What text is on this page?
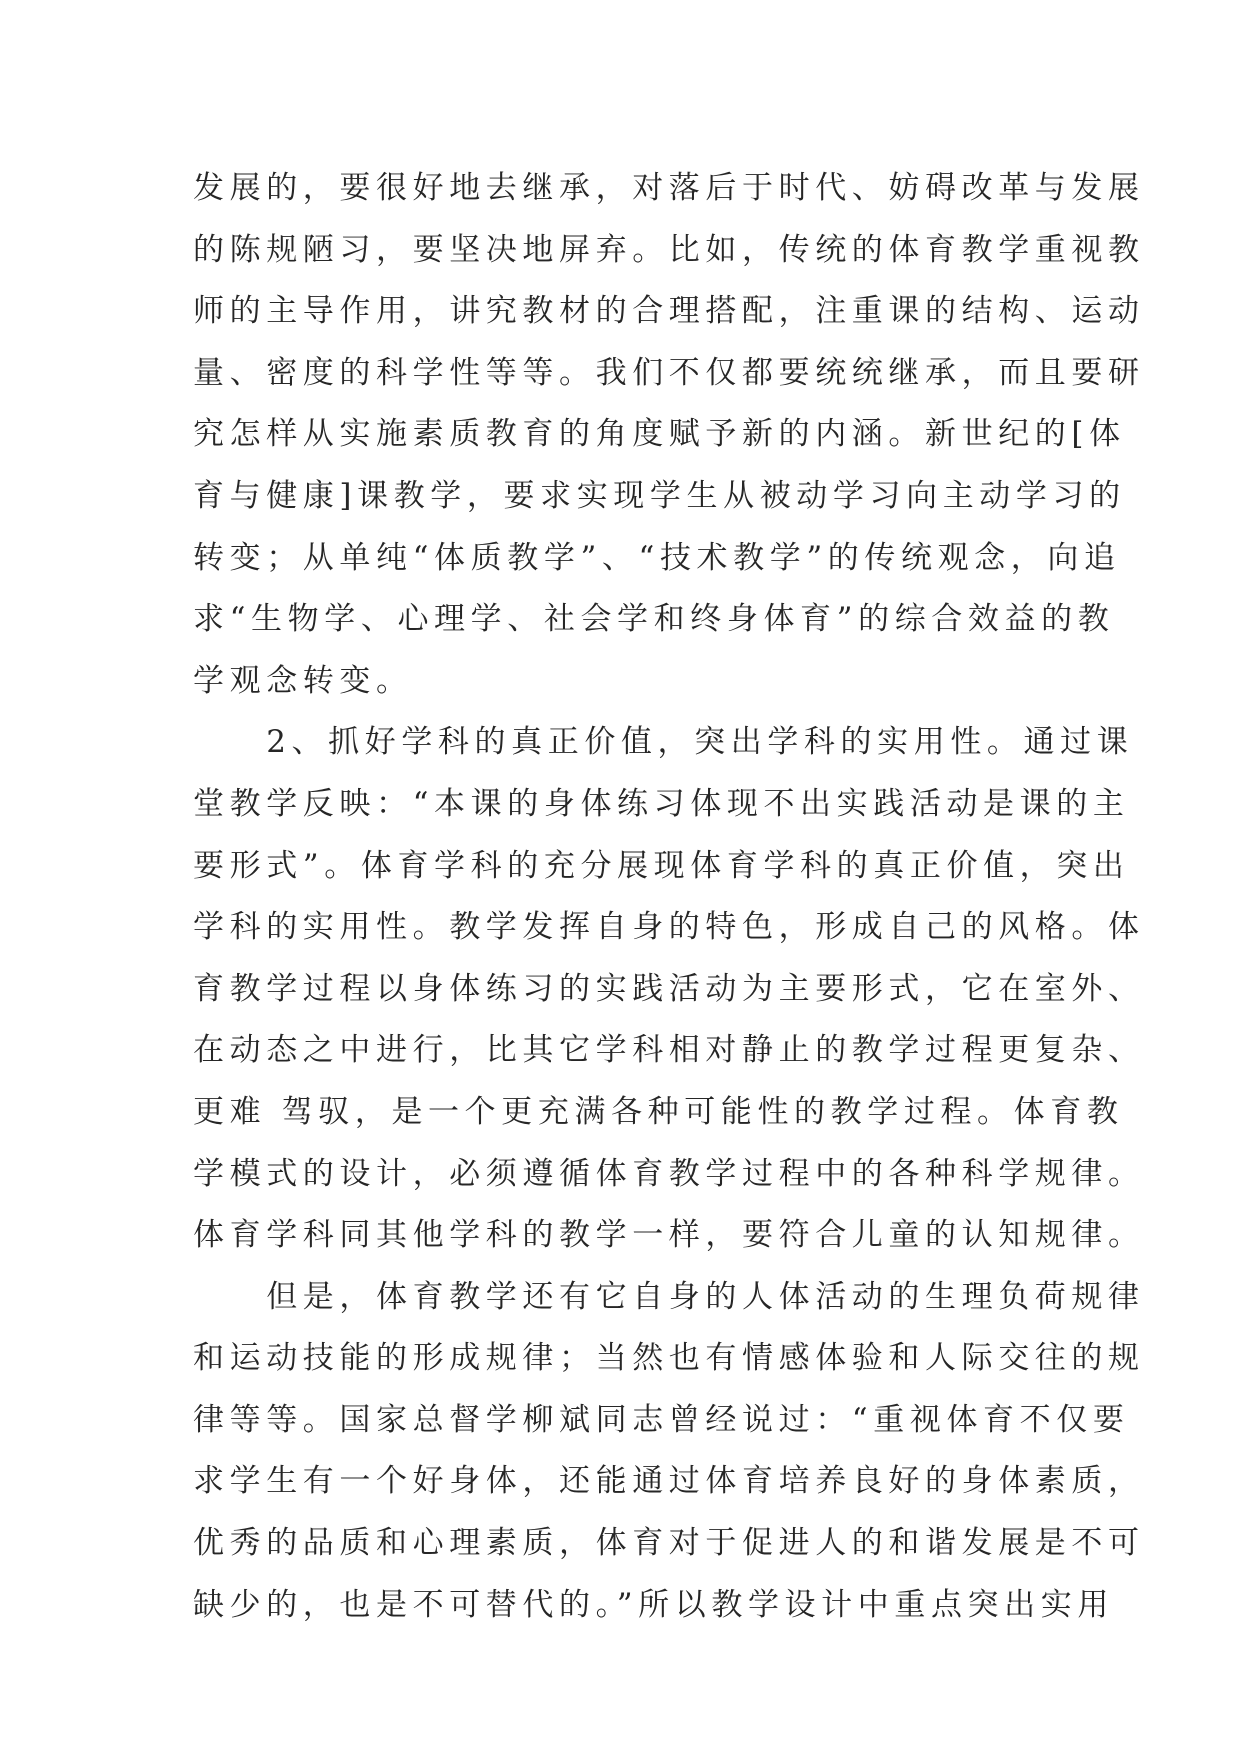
发展的，要很好地去继承，对落后于时代、妨碍改革与发展
的陈规陋习，要坚决地屏弃。比如，传统的体育教学重视教
师的主导作用，讲究教材的合理搭配，注重课的结构、运动
量、密度的科学性等等。我们不仅都要统统继承，而且要研
究怎样从实施素质教育的角度赋予新的内涵。新世纪的[体
育与健康]课教学，要求实现学生从被动学习向主动学习的
转变；从单纯“体质教学”、“技术教学”的传统观念，向追
求“生物学、心理学、社会学和终身体育”的综合效益的教
学观念转变。
　　2、抓好学科的真正价值，突出学科的实用性。通过课
堂教学反映：“本课的身体练习体现不出实践活动是课的主
要形式”。体育学科的充分展现体育学科的真正价值，突出
学科的实用性。教学发挥自身的特色，形成自己的风格。体
育教学过程以身体练习的实践活动为主要形式，它在室外、
在动态之中进行，比其它学科相对静止的教学过程更复杂、
更难 驾驭，是一个更充满各种可能性的教学过程。体育教
学模式的设计，必须遵循体育教学过程中的各种科学规律。
体育学科同其他学科的教学一样，要符合儿童的认知规律。
　　但是，体育教学还有它自身的人体活动的生理负荷规律
和运动技能的形成规律；当然也有情感体验和人际交往的规
律等等。国家总督学柳斌同志曾经说过：“重视体育不仅要
求学生有一个好身体，还能通过体育培养良好的身体素质，
优秀的品质和心理素质，体育对于促进人的和谐发展是不可
缺少的，也是不可替代的。”所以教学设计中重点突出实用
